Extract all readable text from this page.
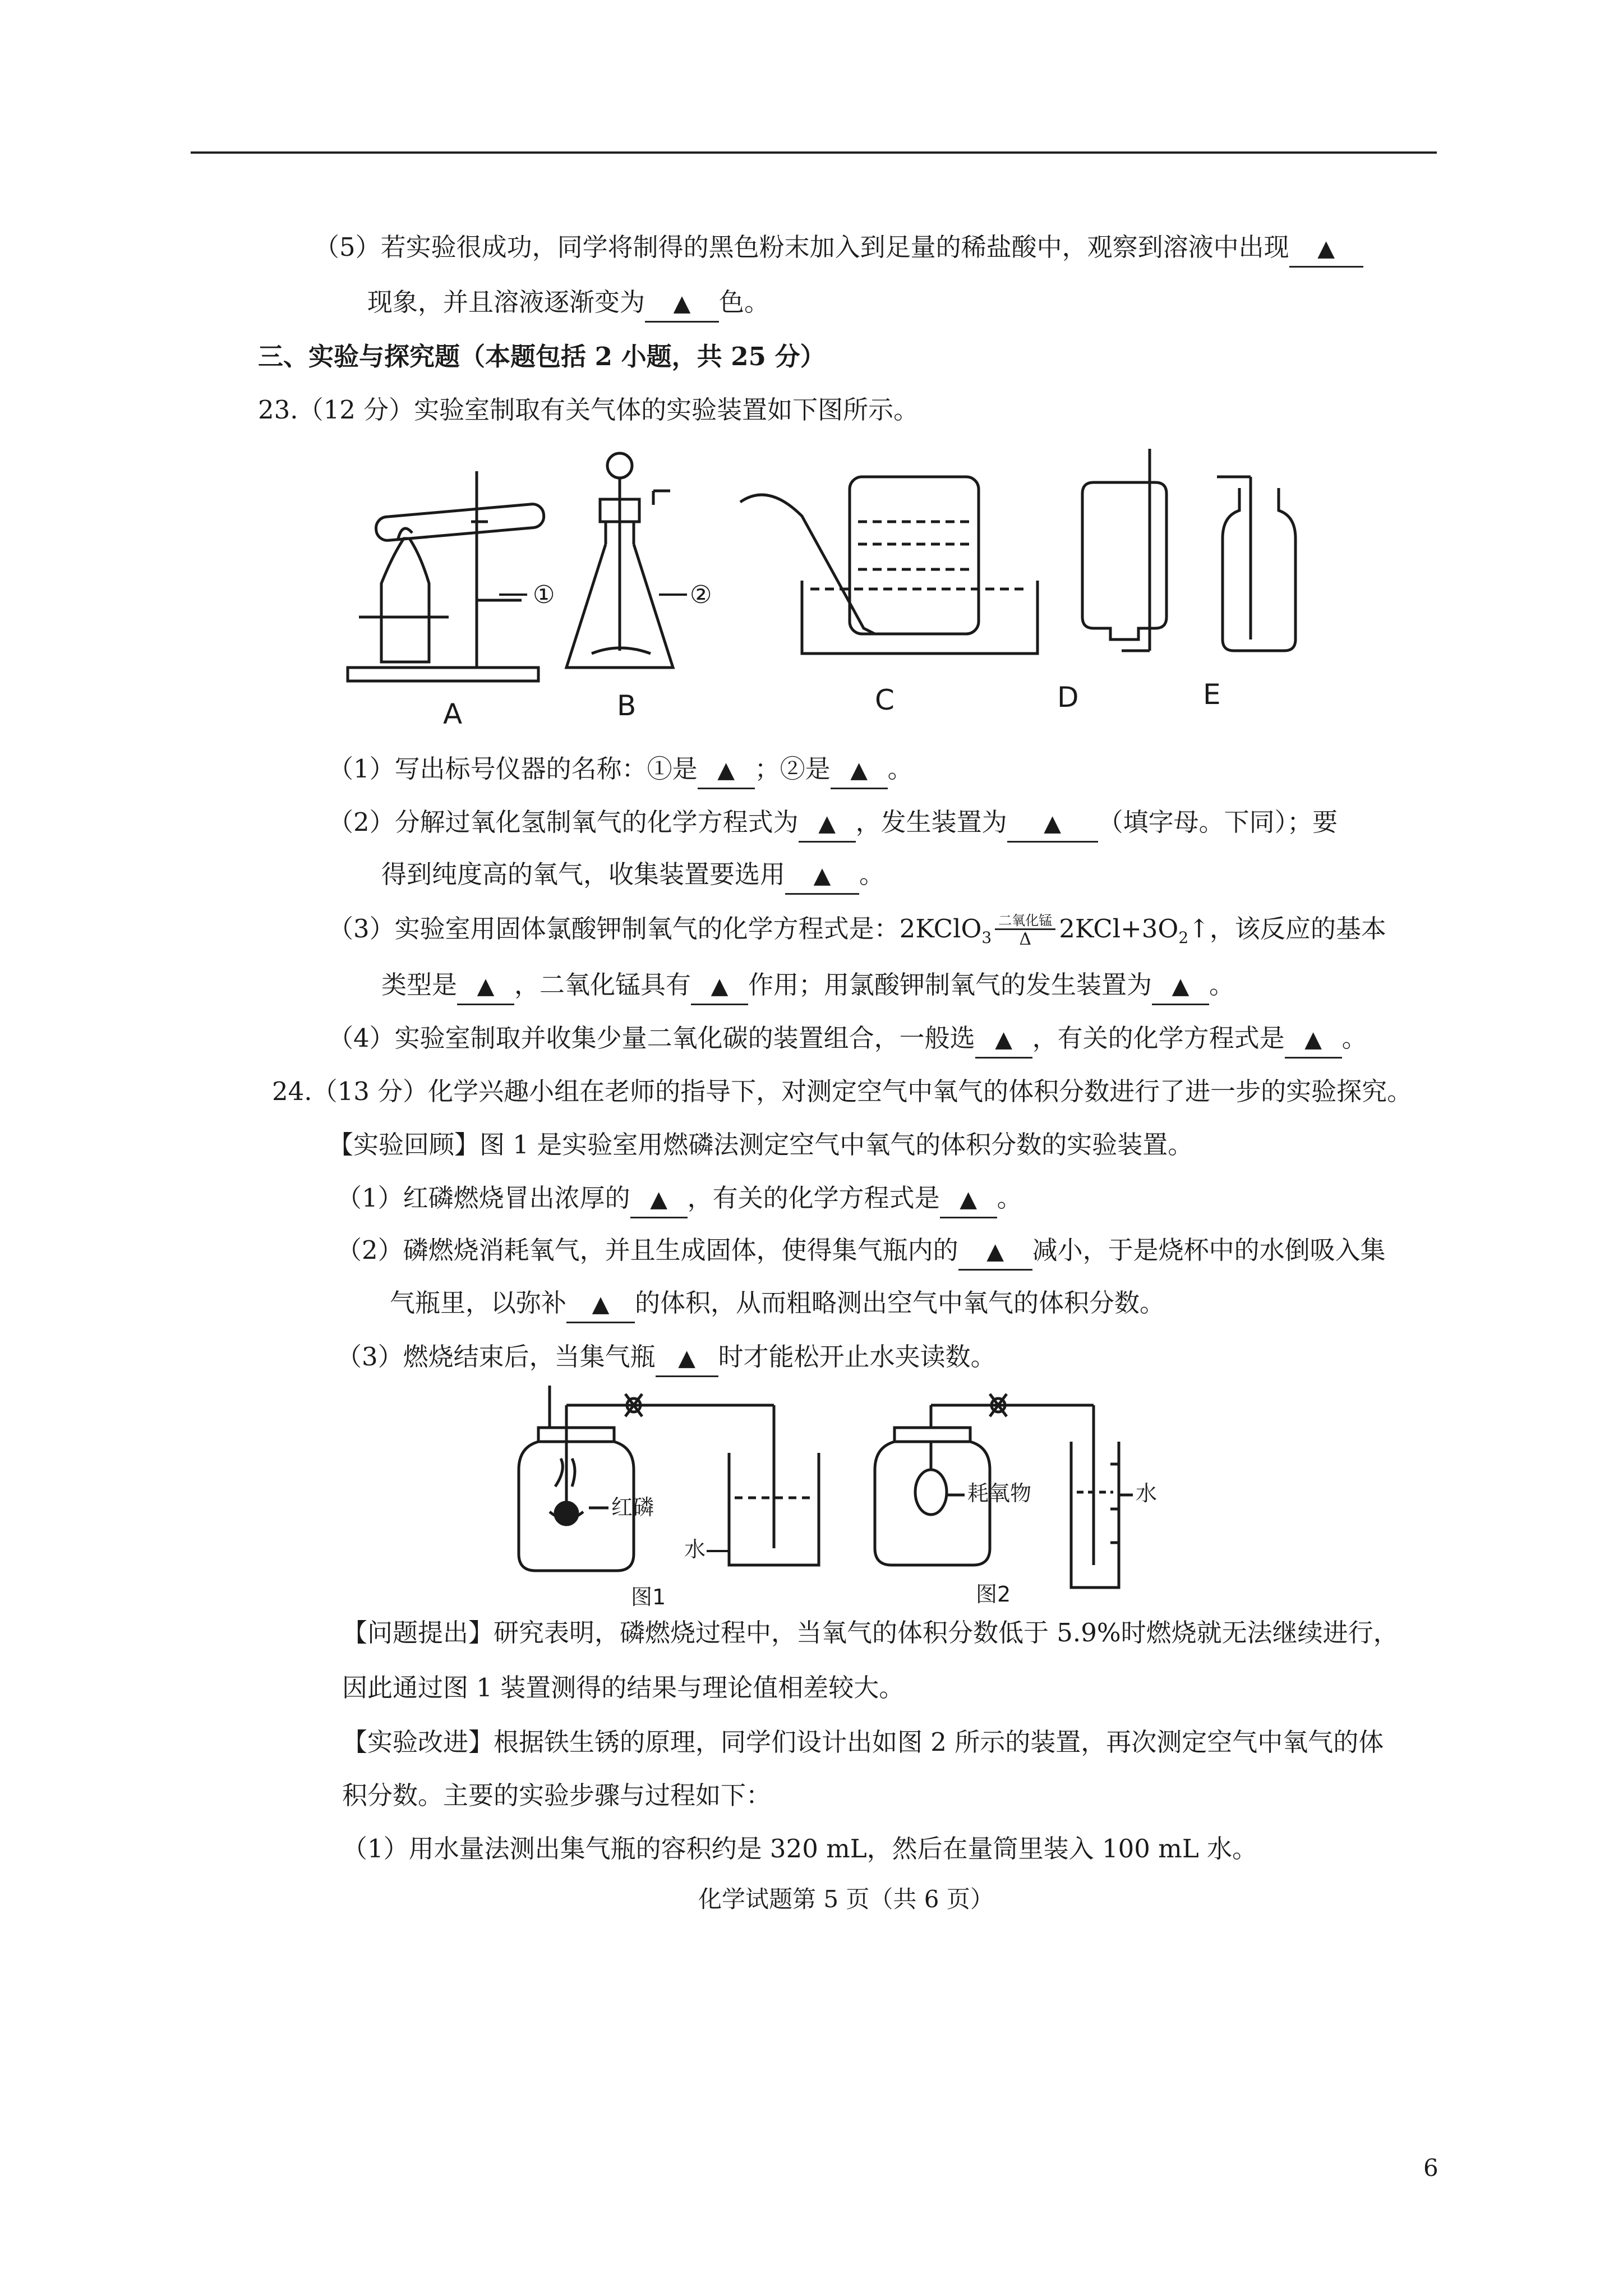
（5）若实验很成功，同学将制得的黑色粉末加入到足量的稀盐酸中，观察到溶液中出现 ▲
现象，并且溶液逐渐变为 ▲ 色。
三、实验与探究题（本题包括 2 小题，共 25 分）
23.（12 分）实验室制取有关气体的实验装置如下图所示。
①	②
A	B	C	D	E
（1）写出标号仪器的名称：①是 ▲ ；②是 ▲ 。
（2）分解过氧化氢制氧气的化学方程式为 ▲ ，发生装置为 ▲ （填字母。下同）；要
得到纯度高的氧气，收集装置要选用 ▲ 。
（3）实验室用固体氯酸钾制氧气的化学方程式是：2KClO$_3$ $\frac{\text{二氧化锰}}{\Delta}$ $2KCl+3O_2↑$，该反应的基本
类型是 ▲ ，二氧化锰具有 ▲ 作用；用氯酸钾制氧气的发生装置为 ▲ 。
（4）实验室制取并收集少量二氧化碳的装置组合，一般选 ▲ ，有关的化学方程式是 ▲ 。
24.（13 分）化学兴趣小组在老师的指导下，对测定空气中氧气的体积分数进行了进一步的实验探究。
【实验回顾】图 1 是实验室用燃磷法测定空气中氧气的体积分数的实验装置。
（1）红磷燃烧冒出浓厚的 ▲ ，有关的化学方程式是 ▲ 。
（2）磷燃烧消耗氧气，并且生成固体，使得集气瓶内的 ▲ 减小，于是烧杯中的水倒吸入集
气瓶里，以弥补 ▲ 的体积，从而粗略测出空气中氧气的体积分数。
（3）燃烧结束后，当集气瓶 ▲ 时才能松开止水夹读数。
红磷
水
图1
耗氧物	水
图2
【问题提出】研究表明，磷燃烧过程中，当氧气的体积分数低于 5.9%时燃烧就无法继续进行，
因此通过图 1 装置测得的结果与理论值相差较大。
【实验改进】根据铁生锈的原理，同学们设计出如图 2 所示的装置，再次测定空气中氧气的体
积分数。主要的实验步骤与过程如下：
（1）用水量法测出集气瓶的容积约是 320 mL，然后在量筒里装入 100 mL 水。
化学试题第 5 页（共 6 页）
6
